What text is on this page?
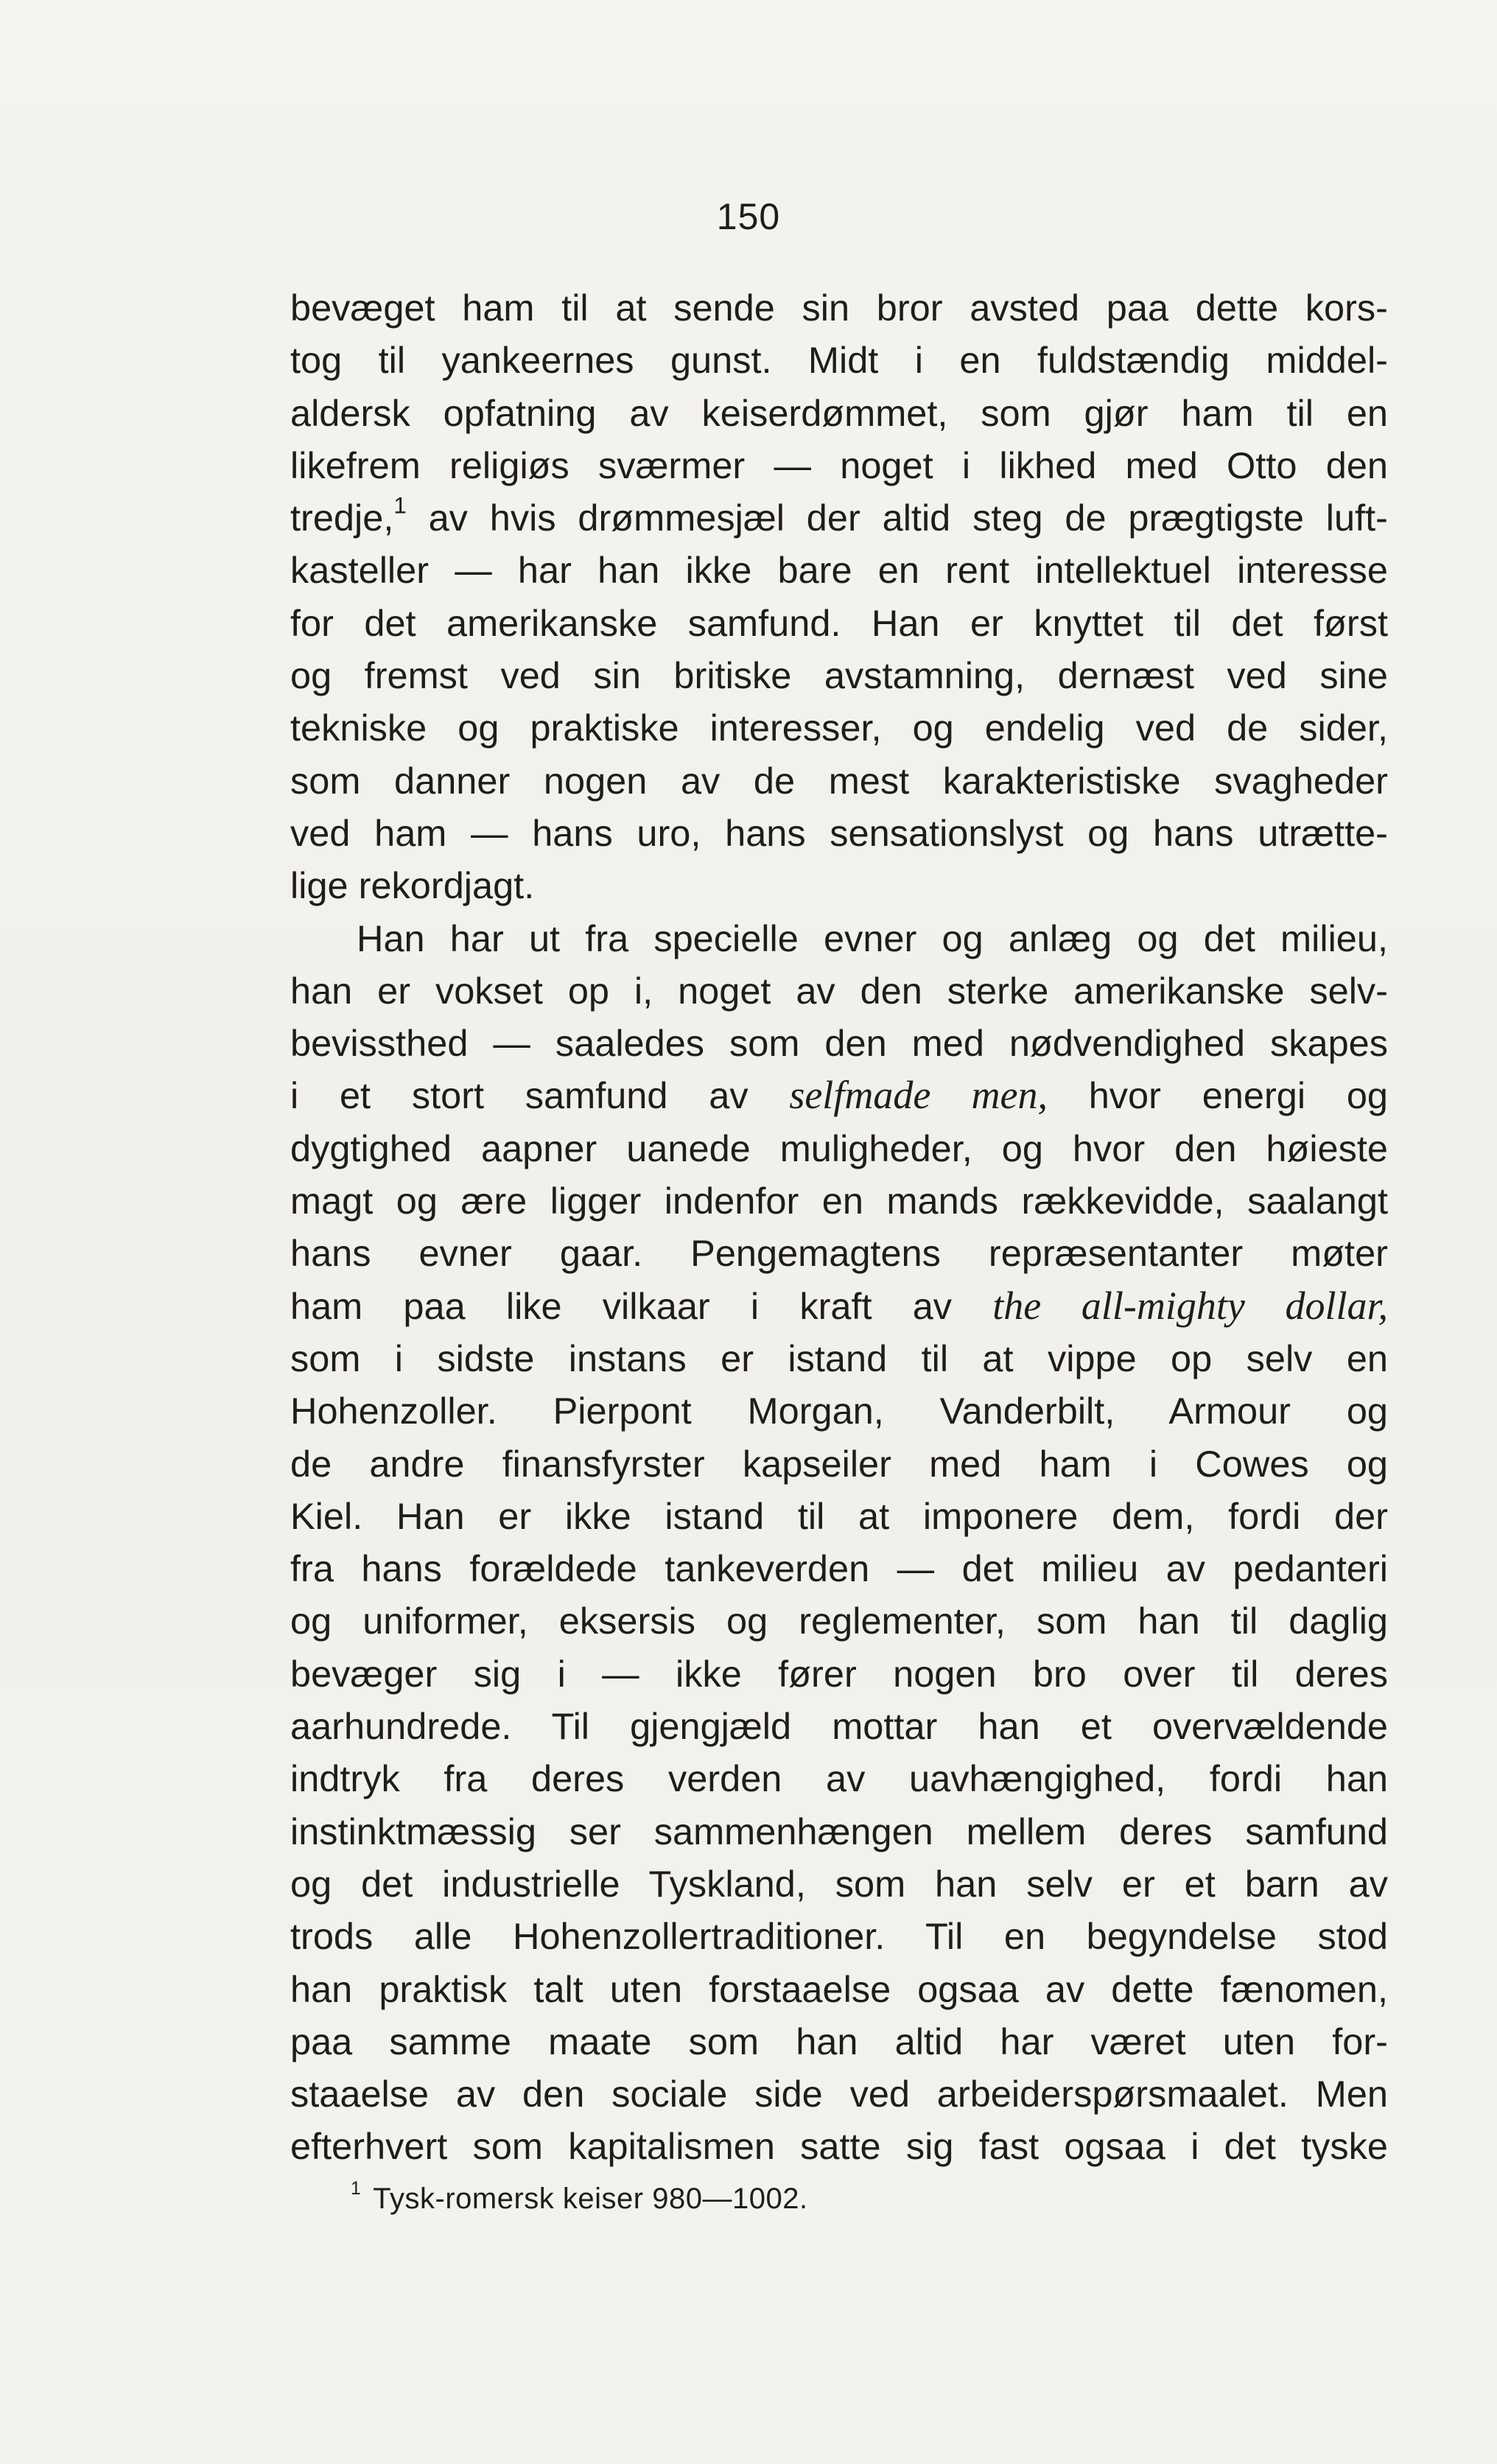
150
bevæget ham til at sende sin bror avsted paa dette kors-
tog til yankeernes gunst. Midt i en fuldstændig middel-
aldersk opfatning av keiserdømmet, som gjør ham til en
likefrem religiøs sværmer — noget i likhed med Otto den
tredje,$^1$ av hvis drømmesjæl der altid steg de prægtigste luft-
kasteller — har han ikke bare en rent intellektuel interesse
for det amerikanske samfund. Han er knyttet til det først
og fremst ved sin britiske avstamning, dernæst ved sine
tekniske og praktiske interesser, og endelig ved de sider,
som danner nogen av de mest karakteristiske svagheder
ved ham — hans uro, hans sensationslyst og hans utrætte-
lige rekordjagt.
Han har ut fra specielle evner og anlæg og det milieu,
han er vokset op i, noget av den sterke amerikanske selv-
bevissthed — saaledes som den med nødvendighed skapes
i et stort samfund av selfmade men, hvor energi og
dygtighed aapner uanede muligheder, og hvor den høieste
magt og ære ligger indenfor en mands rækkevidde, saalangt
hans evner gaar. Pengemagtens repræsentanter møter
ham paa like vilkaar i kraft av the all-mighty dollar,
som i sidste instans er istand til at vippe op selv en
Hohenzoller. Pierpont Morgan, Vanderbilt, Armour og
de andre finansfyrster kapseiler med ham i Cowes og
Kiel. Han er ikke istand til at imponere dem, fordi der
fra hans forældede tankeverden — det milieu av pedanteri
og uniformer, eksersis og reglementer, som han til daglig
bevæger sig i — ikke fører nogen bro over til deres
aarhundrede. Til gjengjæld mottar han et overvældende
indtryk fra deres verden av uavhængighed, fordi han
instinktmæssig ser sammenhængen mellem deres samfund
og det industrielle Tyskland, som han selv er et barn av
trods alle Hohenzollertraditioner. Til en begyndelse stod
han praktisk talt uten forstaaelse ogsaa av dette fænomen,
paa samme maate som han altid har været uten for-
staaelse av den sociale side ved arbeiderspørsmaalet. Men
efterhvert som kapitalismen satte sig fast ogsaa i det tyske
$^1$ Tysk-romersk keiser 980—1002.
